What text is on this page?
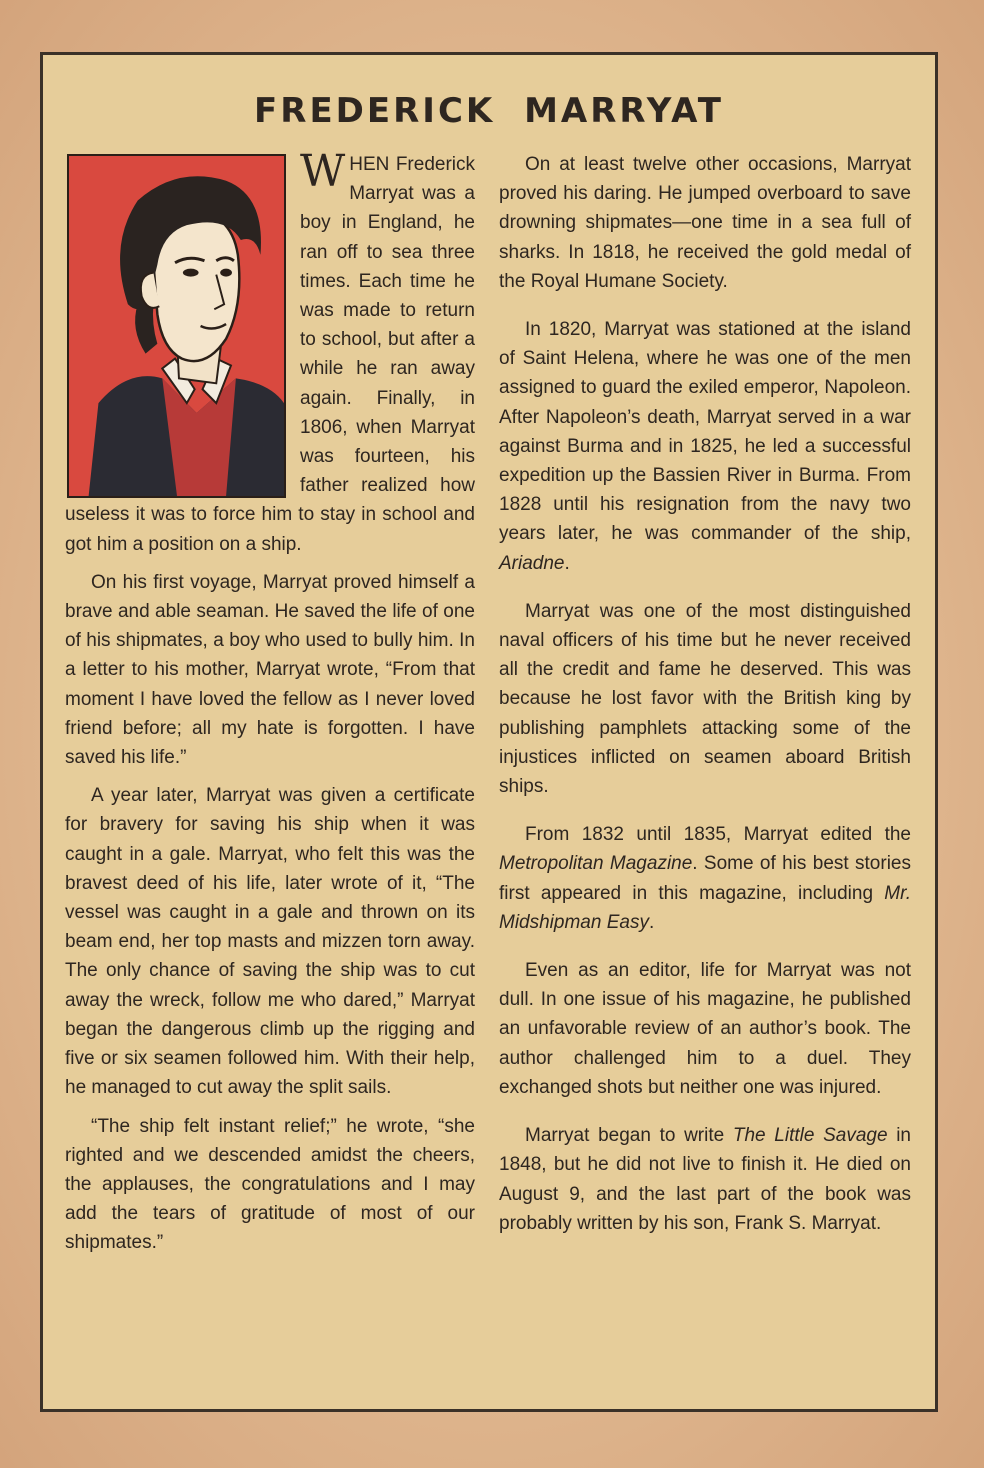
FREDERICK MARRYAT

WHEN Frederick Marryat was a boy in England, he ran off to sea three times. Each time he was made to return to school, but after a while he ran away again. Finally, in 1806, when Marryat was fourteen, his father realized how useless it was to force him to stay in school and got him a position on a ship.

On his first voyage, Marryat proved himself a brave and able seaman. He saved the life of one of his shipmates, a boy who used to bully him. In a letter to his mother, Marryat wrote, “From that moment I have loved the fellow as I never loved friend before; all my hate is forgotten. I have saved his life.”

A year later, Marryat was given a certificate for bravery for saving his ship when it was caught in a gale. Marryat, who felt this was the bravest deed of his life, later wrote of it, “The vessel was caught in a gale and thrown on its beam end, her top masts and mizzen torn away. The only chance of saving the ship was to cut away the wreck, follow me who dared,” Marryat began the dangerous climb up the rigging and five or six seamen followed him. With their help, he managed to cut away the split sails.

“The ship felt instant relief;” he wrote, “she righted and we descended amidst the cheers, the applauses, the congratulations and I may add the tears of gratitude of most of our shipmates.”

On at least twelve other occasions, Marryat proved his daring. He jumped overboard to save drowning shipmates—one time in a sea full of sharks. In 1818, he received the gold medal of the Royal Humane Society.

In 1820, Marryat was stationed at the island of Saint Helena, where he was one of the men assigned to guard the exiled emperor, Napoleon. After Napoleon’s death, Marryat served in a war against Burma and in 1825, he led a successful expedition up the Bassien River in Burma. From 1828 until his resignation from the navy two years later, he was commander of the ship, Ariadne.

Marryat was one of the most distinguished naval officers of his time but he never received all the credit and fame he deserved. This was because he lost favor with the British king by publishing pamphlets attacking some of the injustices inflicted on seamen aboard British ships.

From 1832 until 1835, Marryat edited the Metropolitan Magazine. Some of his best stories first appeared in this magazine, including Mr. Midshipman Easy.

Even as an editor, life for Marryat was not dull. In one issue of his magazine, he published an unfavorable review of an author’s book. The author challenged him to a duel. They exchanged shots but neither one was injured.

Marryat began to write The Little Savage in 1848, but he did not live to finish it. He died on August 9, and the last part of the book was probably written by his son, Frank S. Marryat.
